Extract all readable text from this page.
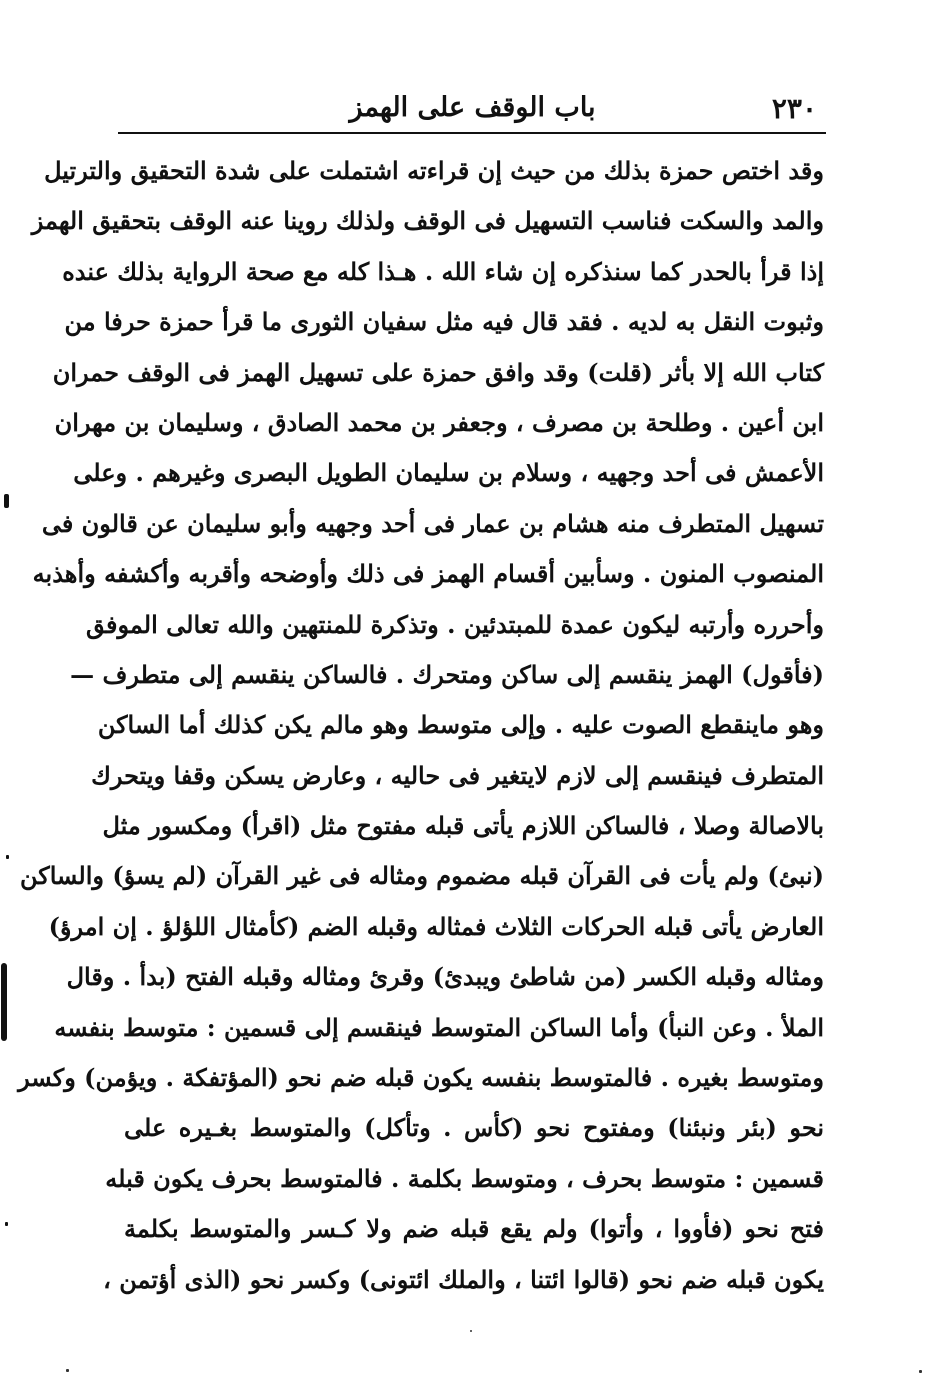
٢٣٠
باب الوقف على الهمز
وقد اختص حمزة بذلك من حيث إن قراءته اشتملت على شدة التحقيق والترتيل
والمد والسكت فناسب التسهيل فى الوقف ولذلك روينا عنه الوقف بتحقيق الهمز
إذا قرأ بالحدر كما سنذكره إن شاء الله . هـذا كله مع صحة الرواية بذلك عنده
وثبوت النقل به لديه . فقد قال فيه مثل سفيان الثورى ما قرأ حمزة حرفا من
كتاب الله إلا بأثر (قلت) وقد وافق حمزة على تسهيل الهمز فى الوقف حمران
ابن أعين . وطلحة بن مصرف ، وجعفر بن محمد الصادق ، وسليمان بن مهران
الأعمش فى أحد وجهيه ، وسلام بن سليمان الطويل البصرى وغيرهم . وعلى
تسهيل المتطرف منه هشام بن عمار فى أحد وجهيه وأبو سليمان عن قالون فى
المنصوب المنون . وسأبين أقسام الهمز فى ذلك وأوضحه وأقربه وأكشفه وأهذبه
وأحرره وأرتبه ليكون عمدة للمبتدئين . وتذكرة للمنتهين والله تعالى الموفق
(فأقول) الهمز ينقسم إلى ساكن ومتحرك . فالساكن ينقسم إلى متطرف —
وهو ماينقطع الصوت عليه . وإلى متوسط وهو مالم يكن كذلك أما الساكن
المتطرف فينقسم إلى لازم لايتغير فى حاليه ، وعارض يسكن وقفا ويتحرك
بالاصالة وصلا ، فالساكن اللازم يأتى قبله مفتوح مثل (اقرأ) ومكسور مثل
(نبئ) ولم يأت فى القرآن قبله مضموم ومثاله فى غير القرآن (لم يسؤ) والساكن
العارض يأتى قبله الحركات الثلاث فمثاله وقبله الضم (كأمثال اللؤلؤ . إن امرؤ)
ومثاله وقبله الكسر (من شاطئ ويبدئ) وقرئ ومثاله وقبله الفتح (بدأ . وقال
الملأ . وعن النبأ) وأما الساكن المتوسط فينقسم إلى قسمين : متوسط بنفسه
ومتوسط بغيره . فالمتوسط بنفسه يكون قبله ضم نحو (المؤتفكة . ويؤمن) وكسر
نحو (بئر ونبئنا) ومفتوح نحو (كأس . وتأكل) والمتوسط بغـيره على
قسمين : متوسط بحرف ، ومتوسط بكلمة . فالمتوسط بحرف يكون قبله
فتح نحو (فأووا ، وأتوا) ولم يقع قبله ضم ولا كـسر والمتوسط بكلمة
يكون قبله ضم نحو (قالوا ائتنا ، والملك ائتونى) وكسر نحو (الذى أؤتمن ،
